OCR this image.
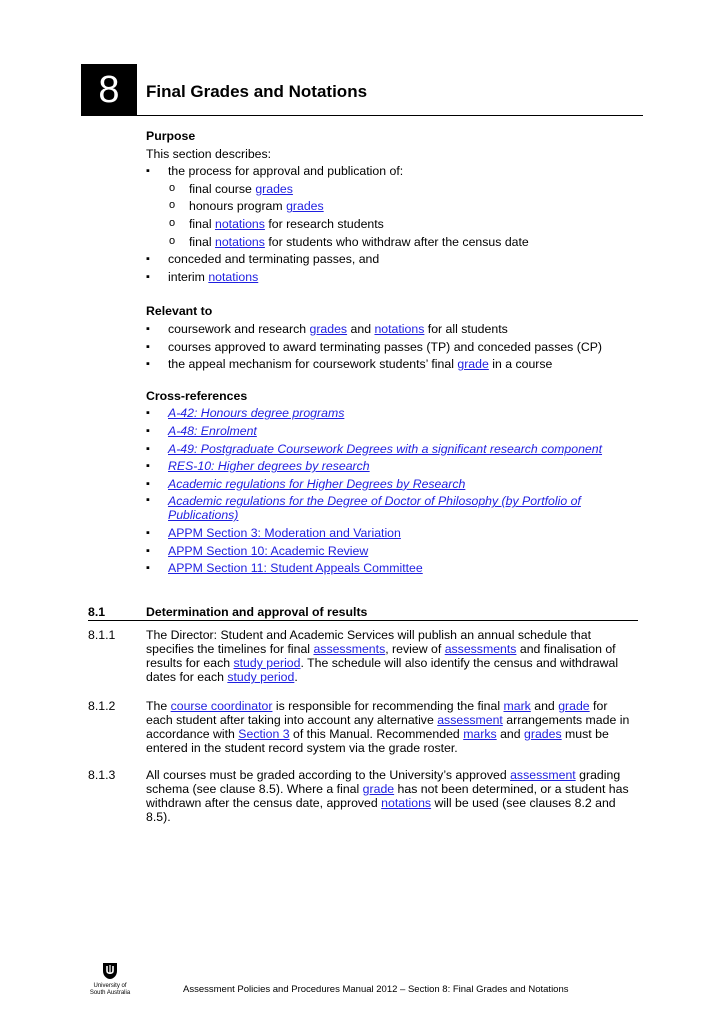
8	Final Grades and Notations
Purpose
This section describes:
▪ the process for approval and publication of:
o final course grades
o honours program grades
o final notations for research students
o final notations for students who withdraw after the census date
▪ conceded and terminating passes, and
▪ interim notations
Relevant to
▪ coursework and research grades and notations for all students
▪ courses approved to award terminating passes (TP) and conceded passes (CP)
▪ the appeal mechanism for coursework students’ final grade in a course
Cross-references
▪ A-42: Honours degree programs
▪ A-48: Enrolment
▪ A-49: Postgraduate Coursework Degrees with a significant research component
▪ RES-10: Higher degrees by research
▪ Academic regulations for Higher Degrees by Research
▪ Academic regulations for the Degree of Doctor of Philosophy (by Portfolio of Publications)
▪ APPM Section 3: Moderation and Variation
▪ APPM Section 10: Academic Review
▪ APPM Section 11: Student Appeals Committee
8.1	Determination and approval of results
8.1.1 The Director: Student and Academic Services will publish an annual schedule that specifies the timelines for final assessments, review of assessments and finalisation of results for each study period. The schedule will also identify the census and withdrawal dates for each study period.
8.1.2 The course coordinator is responsible for recommending the final mark and grade for each student after taking into account any alternative assessment arrangements made in accordance with Section 3 of this Manual. Recommended marks and grades must be entered in the student record system via the grade roster.
8.1.3 All courses must be graded according to the University’s approved assessment grading schema (see clause 8.5). Where a final grade has not been determined, or a student has withdrawn after the census date, approved notations will be used (see clauses 8.2 and 8.5).
University of
South Australia	Assessment Policies and Procedures Manual 2012 – Section 8: Final Grades and Notations
